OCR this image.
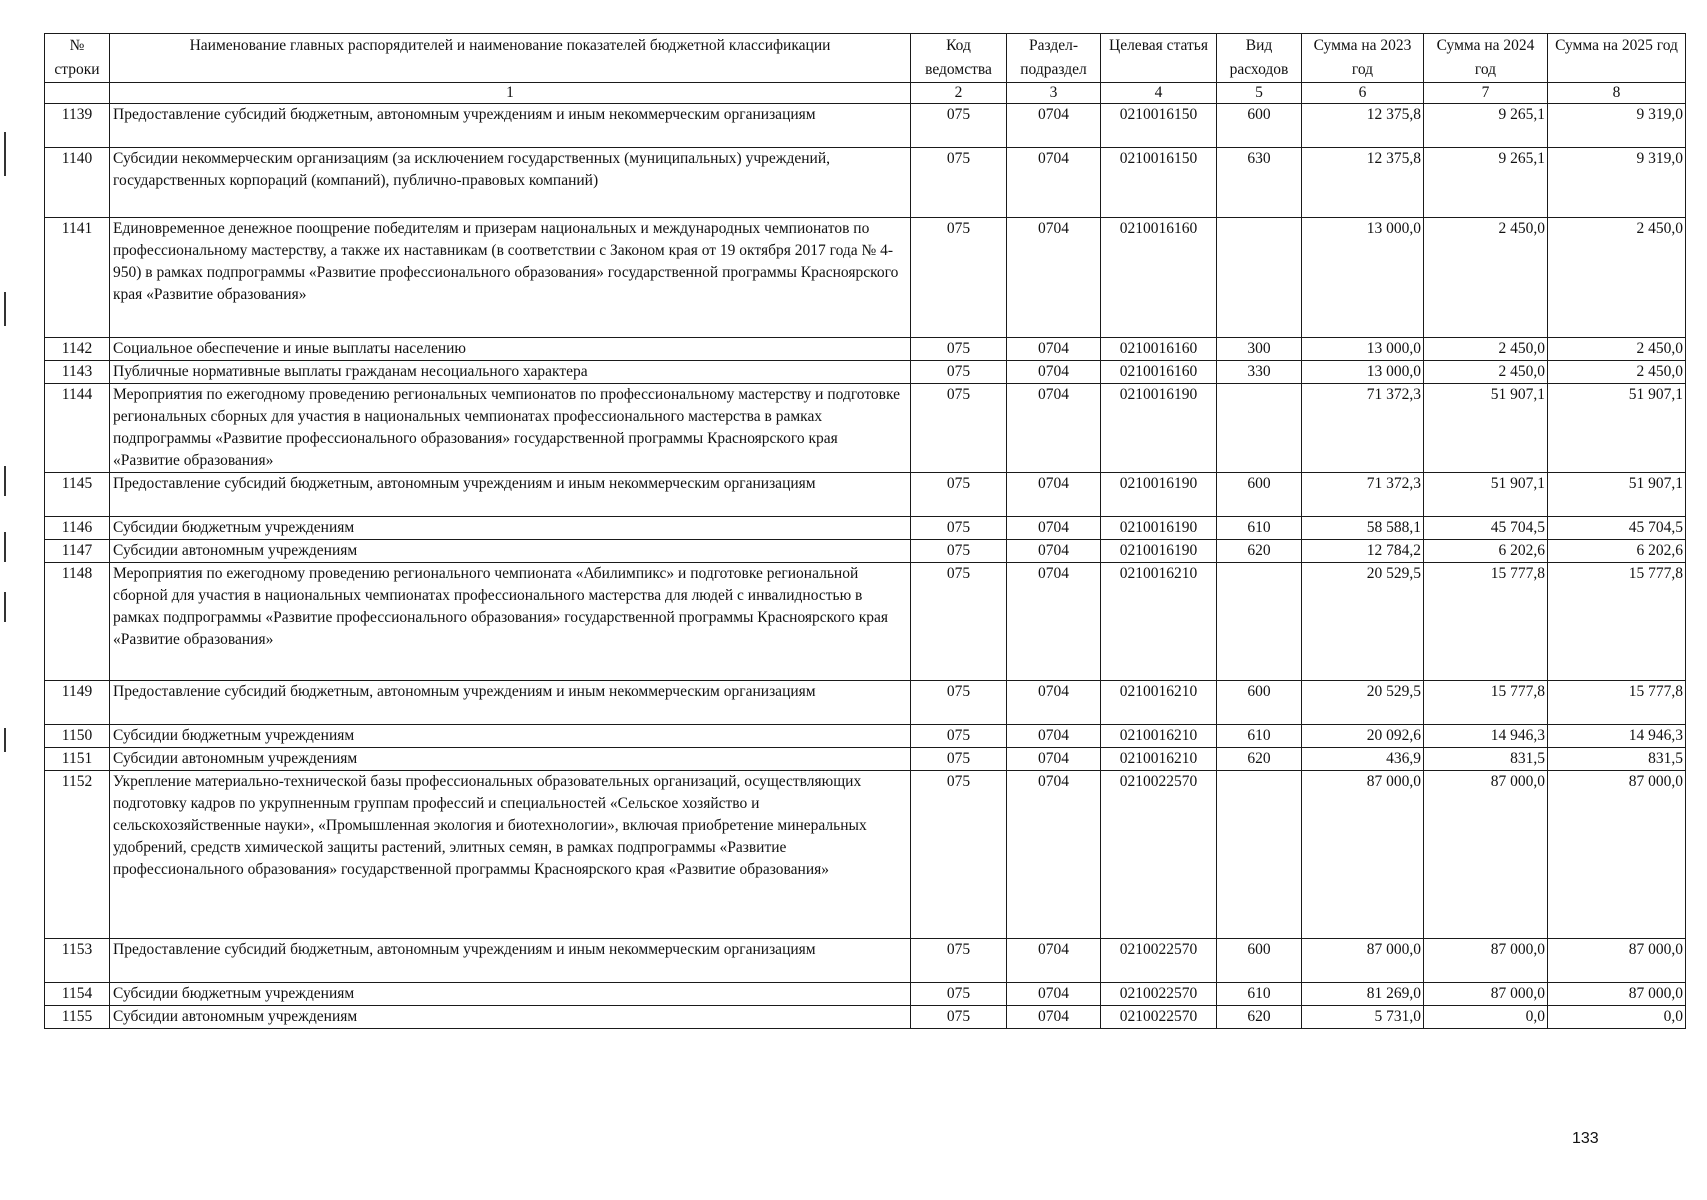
№ строки	Наименование главных распорядителей и наименование показателей бюджетной классификации	Код ведомства	Раздел-подраздел	Целевая статья	Вид расходов	Сумма на 2023 год	Сумма на 2024 год	Сумма на 2025 год
	1	2	3	4	5	6	7	8
1139	Предоставление субсидий бюджетным, автономным учреждениям и иным некоммерческим организациям	075	0704	0210016150	600	12 375,8	9 265,1	9 319,0
1140	Субсидии некоммерческим организациям (за исключением государственных (муниципальных) учреждений, государственных корпораций (компаний), публично-правовых компаний)	075	0704	0210016150	630	12 375,8	9 265,1	9 319,0
1141	Единовременное денежное поощрение победителям и призерам национальных и международных чемпионатов по профессиональному мастерству, а также их наставникам (в соответствии с Законом края от 19 октября 2017 года № 4-950) в рамках подпрограммы «Развитие профессионального образования» государственной программы Красноярского края «Развитие образования»	075	0704	0210016160		13 000,0	2 450,0	2 450,0
1142	Социальное обеспечение и иные выплаты населению	075	0704	0210016160	300	13 000,0	2 450,0	2 450,0
1143	Публичные нормативные выплаты гражданам несоциального характера	075	0704	0210016160	330	13 000,0	2 450,0	2 450,0
1144	Мероприятия по ежегодному проведению региональных чемпионатов по профессиональному мастерству и подготовке региональных сборных для участия в национальных чемпионатах профессионального мастерства в рамках подпрограммы «Развитие профессионального образования» государственной программы Красноярского края «Развитие образования»	075	0704	0210016190		71 372,3	51 907,1	51 907,1
1145	Предоставление субсидий бюджетным, автономным учреждениям и иным некоммерческим организациям	075	0704	0210016190	600	71 372,3	51 907,1	51 907,1
1146	Субсидии бюджетным учреждениям	075	0704	0210016190	610	58 588,1	45 704,5	45 704,5
1147	Субсидии автономным учреждениям	075	0704	0210016190	620	12 784,2	6 202,6	6 202,6
1148	Мероприятия по ежегодному проведению регионального чемпионата «Абилимпикс» и подготовке региональной сборной для участия в национальных чемпионатах профессионального мастерства для людей с инвалидностью в рамках подпрограммы «Развитие профессионального образования» государственной программы Красноярского края «Развитие образования»	075	0704	0210016210		20 529,5	15 777,8	15 777,8
1149	Предоставление субсидий бюджетным, автономным учреждениям и иным некоммерческим организациям	075	0704	0210016210	600	20 529,5	15 777,8	15 777,8
1150	Субсидии бюджетным учреждениям	075	0704	0210016210	610	20 092,6	14 946,3	14 946,3
1151	Субсидии автономным учреждениям	075	0704	0210016210	620	436,9	831,5	831,5
1152	Укрепление материально-технической базы профессиональных образовательных организаций, осуществляющих подготовку кадров по укрупненным группам профессий и специальностей «Сельское хозяйство и сельскохозяйственные науки», «Промышленная экология и биотехнологии», включая приобретение минеральных удобрений, средств химической защиты растений, элитных семян, в рамках подпрограммы «Развитие профессионального образования» государственной программы Красноярского края «Развитие образования»	075	0704	0210022570		87 000,0	87 000,0	87 000,0
1153	Предоставление субсидий бюджетным, автономным учреждениям и иным некоммерческим организациям	075	0704	0210022570	600	87 000,0	87 000,0	87 000,0
1154	Субсидии бюджетным учреждениям	075	0704	0210022570	610	81 269,0	87 000,0	87 000,0
1155	Субсидии автономным учреждениям	075	0704	0210022570	620	5 731,0	0,0	0,0
133
